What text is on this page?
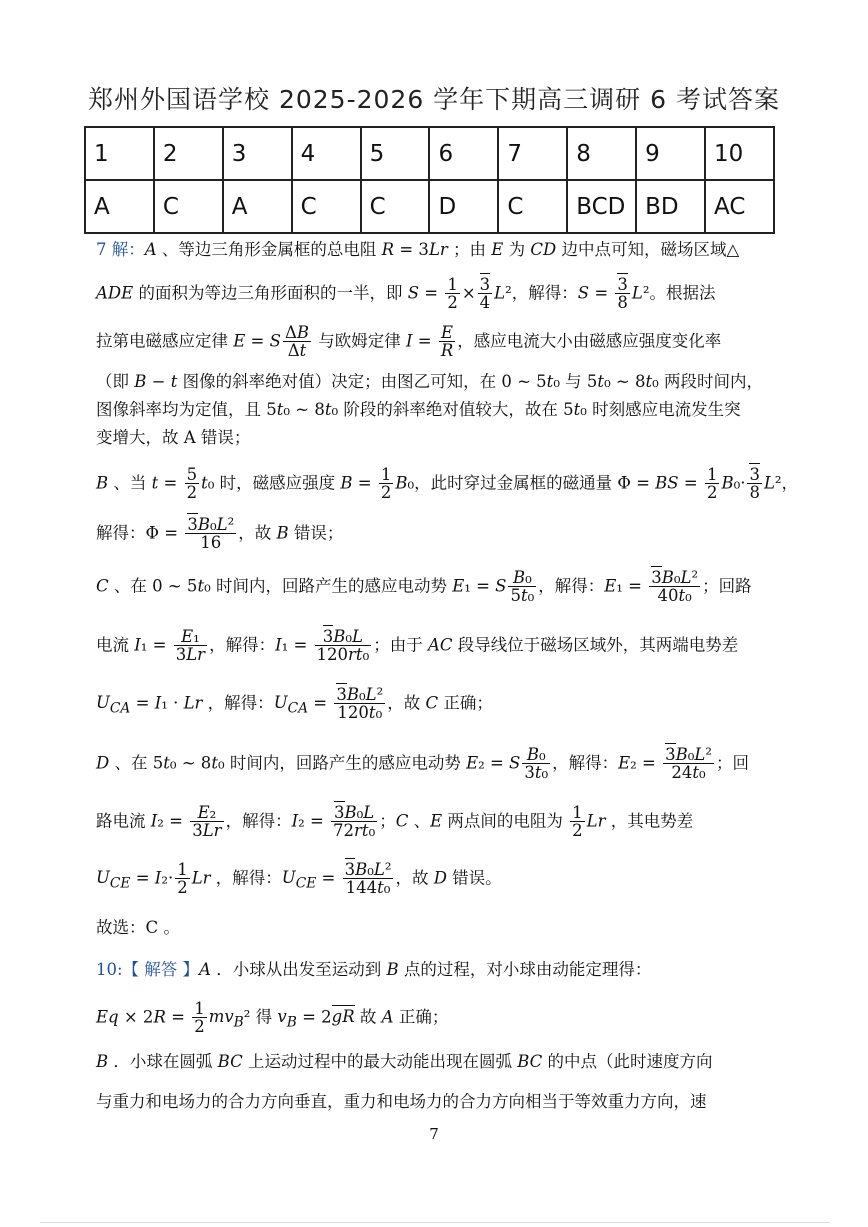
郑州外国语学校 2025-2026 学年下期高三调研 6 考试答案
1	2	3	4	5	6	7	8	9	10
A	C	A	C	C	D	C	BCD	BD	AC
7 解：A 、等边三角形金属框的总电阻 R = 3Lr ；由 E 为 CD 边中点可知，磁场区域△
ADE 的面积为等边三角形面积的一半，即 $S = \frac{1}{2} \times \frac{3}{4} L^2$，解得：$S = \frac{3}{8} L^2$。根据法
拉第电磁感应定律 E = S $\frac{\Delta B}{\Delta t}$ 与欧姆定律 $I = \frac{E}{R}$ ，感应电流大小由磁感应强度变化率
（即 B − t 图像的斜率绝对值）决定；由图乙可知，在 0 ~ 5t₀ 与 5t₀ ~ 8t₀ 两段时间内，
图像斜率均为定值，且 5t₀ ~ 8t₀ 阶段的斜率绝对值较大，故在 5t₀ 时刻感应电流发生突
变增大，故 A 错误；
B 、当 $t = \frac{5}{2} t_0$ 时，磁感应强度 $B = \frac{1}{2} B_0$，此时穿过金属框的磁通量 Φ = BS = $\frac{1}{2} B_0\cdot \frac{3}{8} L^2$，
解得：$\Phi = \frac{\text{3B₀L²}}{16}$ ，故 B 错误；
C 、在 0 ~ 5t₀ 时间内，回路产生的感应电动势 E₁ = S $\frac{\text{B₀}}{\text{5t₀}}$ ，解得：$E_1 = \frac{\text{3B₀L²}}{\text{40t₀}}$ ；回路
电流 $I_1 = \frac{\text{E₁}}{3Lr}$ ，解得：$I_1 = \frac{\text{3B₀L}}{\text{120rt₀}}$ ；由于 AC 段导线位于磁场区域外，其两端电势差
$U_{CA} = I_1 \cdot Lr$ ，解得：$U_{CA} = \frac{\text{3B₀L²}}{\text{120t₀}}$ ，故 C 正确；
D 、在 5t₀ ~ 8t₀ 时间内，回路产生的感应电动势 E₂ = S $\frac{\text{B₀}}{\text{3t₀}}$ ，解得：$E_2 = \frac{\text{3B₀L²}}{\text{24t₀}}$ ；回
路电流 $I_2 = \frac{\text{E₂}}{3Lr}$ ，解得：$I_2 = \frac{\text{3B₀L}}{\text{72rt₀}}$ ；C 、E 两点间的电阻为 $\frac{1}{2}$ Lr ，其电势差
$U_{CE} = I_2\cdot \frac{1}{2}$ Lr ，解得：$U_{CE} = \frac{\text{3B₀L²}}{\text{144t₀}}$ ，故 D 错误。
故选：C 。
10:【 解答 】A ．小球从出发至运动到 B 点的过程，对小球由动能定理得：
$Eq \times 2R = \frac{1}{2} mv_B^2$ 得 $v_B = 2gR$ 故 A 正确；
B ．小球在圆弧 BC 上运动过程中的最大动能出现在圆弧 BC 的中点（此时速度方向
与重力和电场力的合力方向垂直，重力和电场力的合力方向相当于等效重力方向，速
7
